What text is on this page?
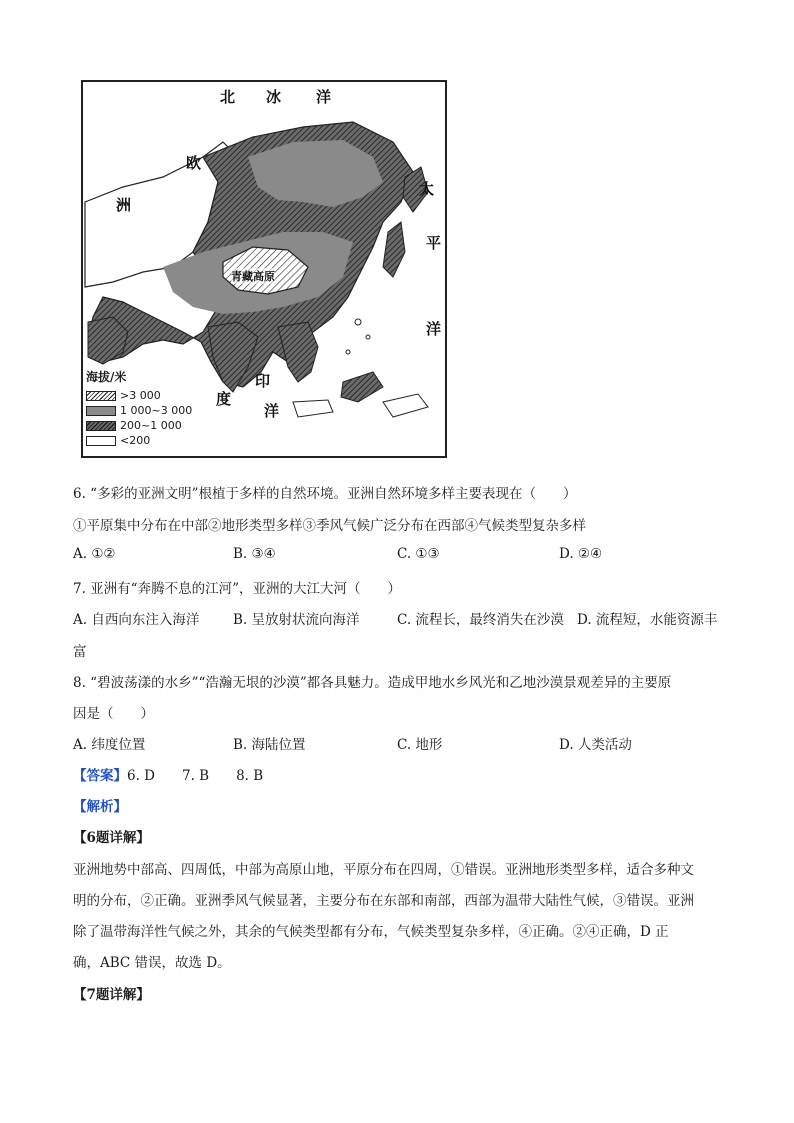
北 冰 洋
欧
洲
太
平
洋
印
度
洋
青藏高原
海拔/米
>3 000
1 000~3 000
200~1 000
<200
6. “多彩的亚洲文明”根植于多样的自然环境。亚洲自然环境多样主要表现在（　　）
①平原集中分布在中部②地形类型多样③季风气候广泛分布在西部④气候类型复杂多样
A. ①②	B. ③④	C. ①③	D. ②④
7. 亚洲有“奔腾不息的江河”，亚洲的大江大河（　　）
A. 自西向东注入海洋 B. 呈放射状流向海洋	C. 流程长，最终消失在沙漠 D. 流程短，水能资源丰
富
8. “碧波荡漾的水乡”“浩瀚无垠的沙漠”都各具魅力。造成甲地水乡风光和乙地沙漠景观差异的主要原
因是（　　）
A. 纬度位置	B. 海陆位置	C. 地形	D. 人类活动
【答案】6. D　　7. B　　8. B
【解析】
【6题详解】
亚洲地势中部高、四周低，中部为高原山地，平原分布在四周，①错误。亚洲地形类型多样，适合多种文
明的分布，②正确。亚洲季风气候显著，主要分布在东部和南部，西部为温带大陆性气候，③错误。亚洲
除了温带海洋性气候之外，其余的气候类型都有分布，气候类型复杂多样，④正确。②④正确，D 正
确，ABC 错误，故选 D。
【7题详解】
